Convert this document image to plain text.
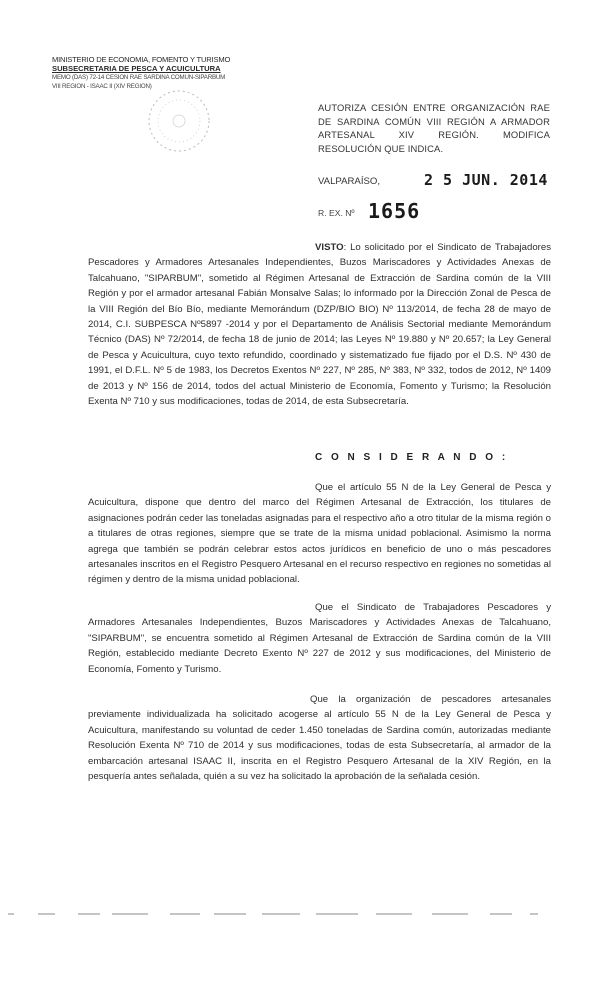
MINISTERIO DE ECONOMIA, FOMENTO Y TURISMO
SUBSECRETARIA DE PESCA Y ACUICULTURA
MEMO (DAS) 72-14 CESION RAE SARDINA COMUN-SIPARBUM
VIII REGION - ISAAC II (XIV REGION)
AUTORIZA CESIÓN ENTRE ORGANIZACIÓN RAE DE SARDINA COMÚN VIII REGIÓN A ARMADOR ARTESANAL XIV REGIÓN. MODIFICA RESOLUCIÓN QUE INDICA.
VALPARAÍSO,	2 5 JUN. 2014
R. EX. Nº 1656

VISTO: Lo solicitado por el Sindicato de Trabajadores Pescadores y Armadores Artesanales Independientes, Buzos Mariscadores y Actividades Anexas de Talcahuano, "SIPARBUM", sometido al Régimen Artesanal de Extracción de Sardina común de la VIII Región y por el armador artesanal Fabián Monsalve Salas; lo informado por la Dirección Zonal de Pesca de la VIII Región del Bío Bío, mediante Memorándum (DZP/BIO BIO) Nº 113/2014, de fecha 28 de mayo de 2014, C.I. SUBPESCA Nº5897 -2014 y por el Departamento de Análisis Sectorial mediante Memorándum Técnico (DAS) Nº 72/2014, de fecha 18 de junio de 2014; las Leyes Nº 19.880 y Nº 20.657; la Ley General de Pesca y Acuicultura, cuyo texto refundido, coordinado y sistematizado fue fijado por el D.S. Nº 430 de 1991, el D.F.L. Nº 5 de 1983, los Decretos Exentos Nº 227, Nº 285, Nº 383, Nº 332, todos de 2012, Nº 1409 de 2013 y Nº 156 de 2014, todos del actual Ministerio de Economía, Fomento y Turismo; la Resolución Exenta Nº 710 y sus modificaciones, todas de 2014, de esta Subsecretaría.

C O N S I D E R A N D O :

Que el artículo 55 N de la Ley General de Pesca y Acuicultura, dispone que dentro del marco del Régimen Artesanal de Extracción, los titulares de asignaciones podrán ceder las toneladas asignadas para el respectivo año a otro titular de la misma región o a titulares de otras regiones, siempre que se trate de la misma unidad poblacional. Asimismo la norma agrega que también se podrán celebrar estos actos jurídicos en beneficio de uno o más pescadores artesanales inscritos en el Registro Pesquero Artesanal en el recurso respectivo en regiones no sometidas al régimen y dentro de la misma unidad poblacional.

Que el Sindicato de Trabajadores Pescadores y Armadores Artesanales Independientes, Buzos Mariscadores y Actividades Anexas de Talcahuano, "SIPARBUM", se encuentra sometido al Régimen Artesanal de Extracción de Sardina común de la VIII Región, establecido mediante Decreto Exento Nº 227 de 2012 y sus modificaciones, del Ministerio de Economía, Fomento y Turismo.

Que la organización de pescadores artesanales previamente individualizada ha solicitado acogerse al artículo 55 N de la Ley General de Pesca y Acuicultura, manifestando su voluntad de ceder 1.450 toneladas de Sardina común, autorizadas mediante Resolución Exenta Nº 710 de 2014 y sus modificaciones, todas de esta Subsecretaría, al armador de la embarcación artesanal ISAAC II, inscrita en el Registro Pesquero Artesanal de la XIV Región, en la pesquería antes señalada, quién a su vez ha solicitado la aprobación de la señalada cesión.
